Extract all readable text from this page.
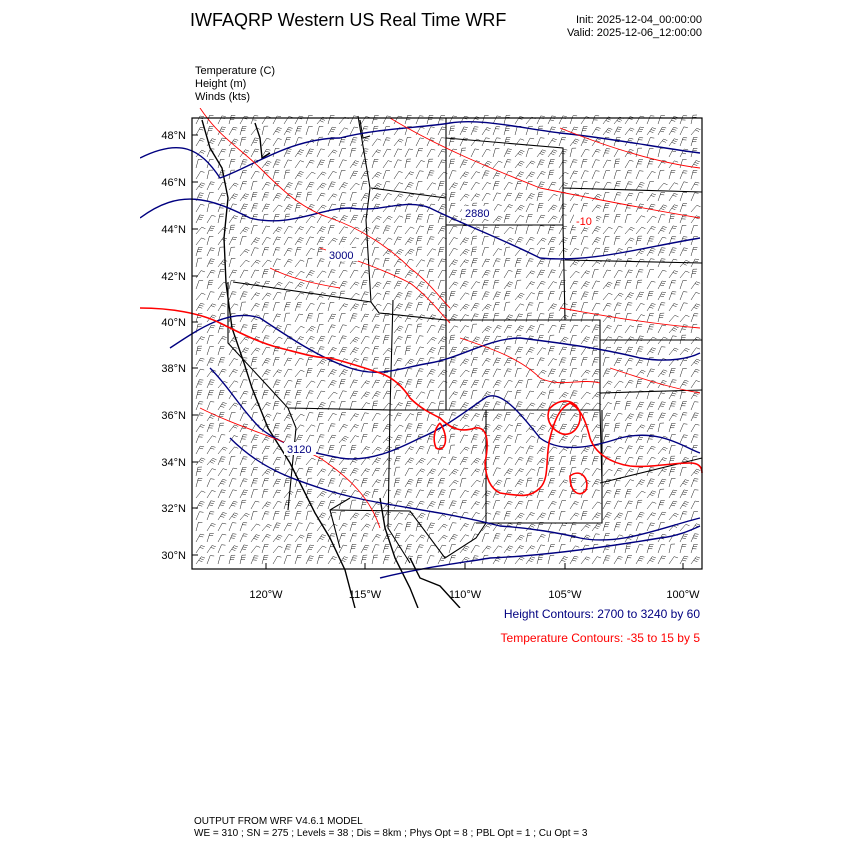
IWFAQRP Western US Real Time WRF	Init: 2025-12-04_00:00:00
Valid: 2025-12-06_12:00:00
Temperature (C)
Height (m)
Winds (kts)
2880
3000
3120
-10
48°N
46°N
44°N
42°N
40°N
38°N
36°N
34°N
32°N
30°N
120°W	115°W	110°W	105°W	100°W
Height Contours: 2700 to 3240 by 60
Temperature Contours: -35 to 15 by 5
OUTPUT FROM WRF V4.6.1 MODEL
WE = 310 ; SN = 275 ; Levels = 38 ; Dis = 8km ; Phys Opt = 8 ; PBL Opt = 1 ; Cu Opt = 3
